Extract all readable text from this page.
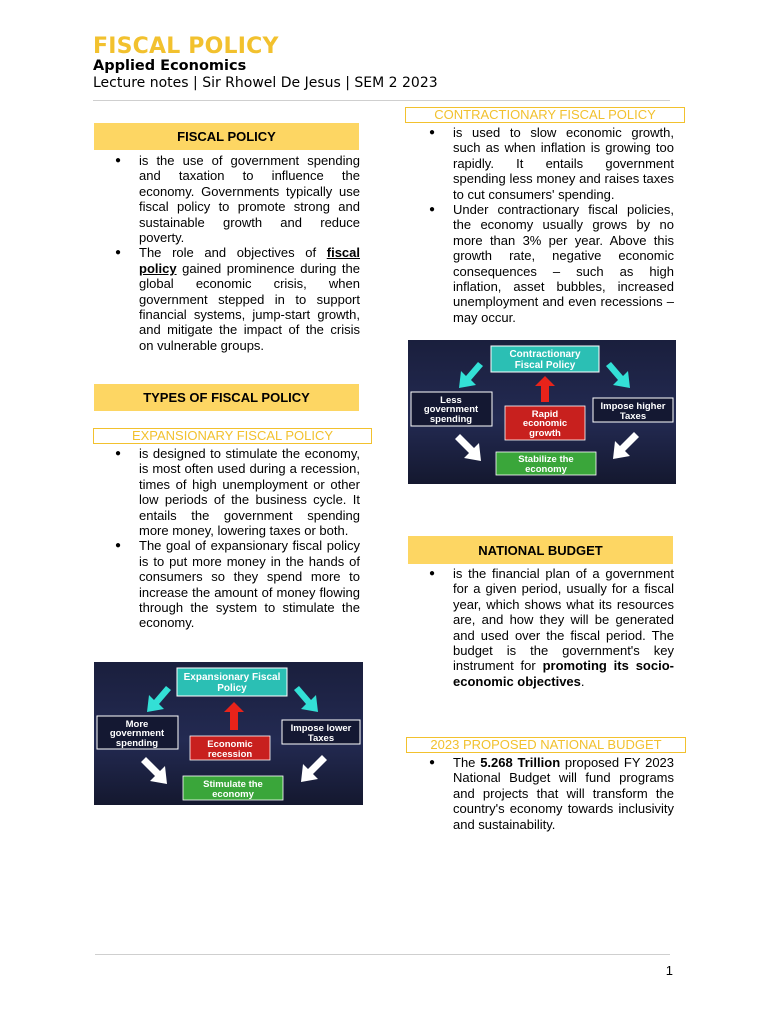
FISCAL POLICY
Applied Economics
Lecture notes | Sir Rhowel De Jesus | SEM 2 2023
FISCAL POLICY
● is the use of government spending and taxation to influence the economy. Governments typically use fiscal policy to promote strong and sustainable growth and reduce poverty.
● The role and objectives of fiscal policy gained prominence during the global economic crisis, when government stepped in to support financial systems, jump-start growth, and mitigate the impact of the crisis on vulnerable groups.
TYPES OF FISCAL POLICY
EXPANSIONARY FISCAL POLICY
● is designed to stimulate the economy, is most often used during a recession, times of high unemployment or other low periods of the business cycle. It entails the government spending more money, lowering taxes or both.
● The goal of expansionary fiscal policy is to put more money in the hands of consumers so they spend more to increase the amount of money flowing through the system to stimulate the economy.
Expansionary Fiscal
Policy
More
government
spending
Impose lower
Taxes
Economic
recession
Stimulate the
economy
CONTRACTIONARY FISCAL POLICY
● is used to slow economic growth, such as when inflation is growing too rapidly. It entails government spending less money and raises taxes to cut consumers' spending.
● Under contractionary fiscal policies, the economy usually grows by no more than 3% per year. Above this growth rate, negative economic consequences – such as high inflation, asset bubbles, increased unemployment and even recessions – may occur.
Contractionary
Fiscal Policy
Less
government
spending
Impose higher
Taxes
Rapid
economic
growth
Stabilize the
economy
NATIONAL BUDGET
● is the financial plan of a government for a given period, usually for a fiscal year, which shows what its resources are, and how they will be generated and used over the fiscal period. The budget is the government's key instrument for promoting its socio-economic objectives.
2023 PROPOSED NATIONAL BUDGET
● The 5.268 Trillion proposed FY 2023 National Budget will fund programs and projects that will transform the country's economy towards inclusivity and sustainability.
1
